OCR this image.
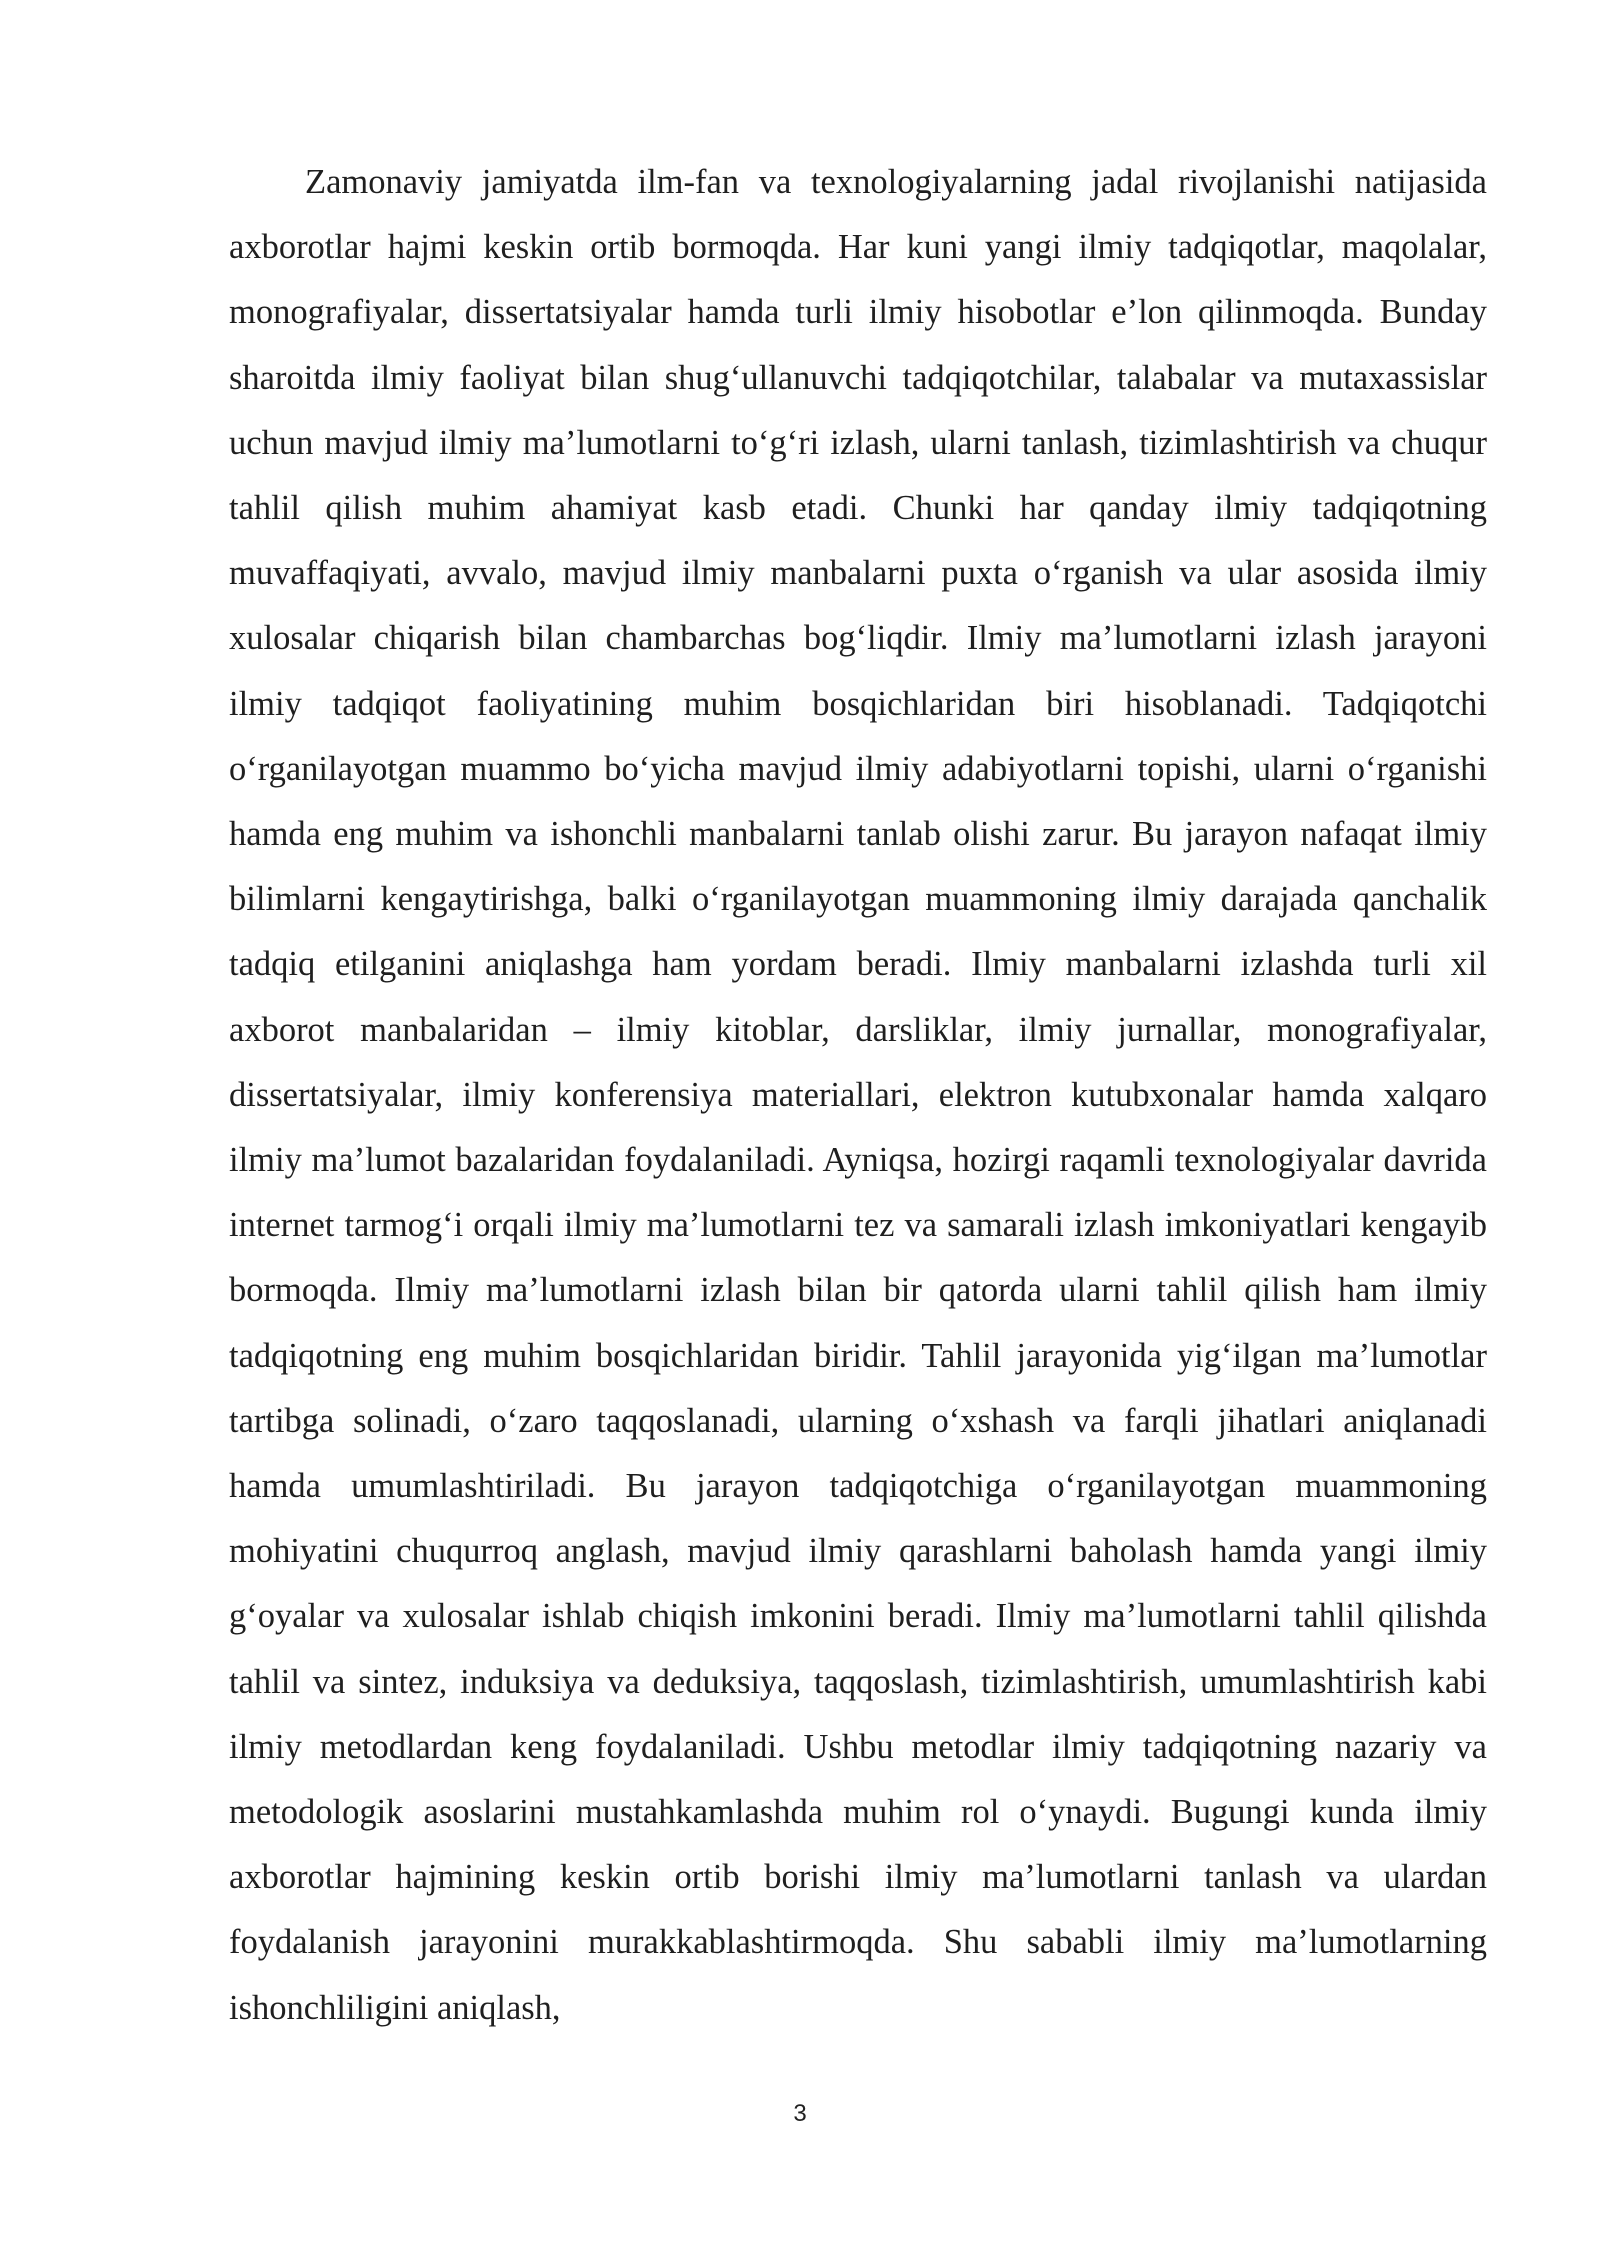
Zamonaviy jamiyatda ilm-fan va texnologiyalarning jadal rivojlanishi natijasida axborotlar hajmi keskin ortib bormoqda. Har kuni yangi ilmiy tadqiqotlar, maqolalar, monografiyalar, dissertatsiyalar hamda turli ilmiy hisobotlar e’lon qilinmoqda. Bunday sharoitda ilmiy faoliyat bilan shug‘ullanuvchi tadqiqotchilar, talabalar va mutaxassislar uchun mavjud ilmiy ma’lumotlarni to‘g‘ri izlash, ularni tanlash, tizimlashtirish va chuqur tahlil qilish muhim ahamiyat kasb etadi. Chunki har qanday ilmiy tadqiqotning muvaffaqiyati, avvalo, mavjud ilmiy manbalarni puxta o‘rganish va ular asosida ilmiy xulosalar chiqarish bilan chambarchas bog‘liqdir. Ilmiy ma’lumotlarni izlash jarayoni ilmiy tadqiqot faoliyatining muhim bosqichlaridan biri hisoblanadi. Tadqiqotchi o‘rganilayotgan muammo bo‘yicha mavjud ilmiy adabiyotlarni topishi, ularni o‘rganishi hamda eng muhim va ishonchli manbalarni tanlab olishi zarur. Bu jarayon nafaqat ilmiy bilimlarni kengaytirishga, balki o‘rganilayotgan muammoning ilmiy darajada qanchalik tadqiq etilganini aniqlashga ham yordam beradi. Ilmiy manbalarni izlashda turli xil axborot manbalaridan – ilmiy kitoblar, darsliklar, ilmiy jurnallar, monografiyalar, dissertatsiyalar, ilmiy konferensiya materiallari, elektron kutubxonalar hamda xalqaro ilmiy ma’lumot bazalaridan foydalaniladi. Ayniqsa, hozirgi raqamli texnologiyalar davrida internet tarmog‘i orqali ilmiy ma’lumotlarni tez va samarali izlash imkoniyatlari kengayib bormoqda. Ilmiy ma’lumotlarni izlash bilan bir qatorda ularni tahlil qilish ham ilmiy tadqiqotning eng muhim bosqichlaridan biridir. Tahlil jarayonida yig‘ilgan ma’lumotlar tartibga solinadi, o‘zaro taqqoslanadi, ularning o‘xshash va farqli jihatlari aniqlanadi hamda umumlashtiriladi. Bu jarayon tadqiqotchiga o‘rganilayotgan muammoning mohiyatini chuqurroq anglash, mavjud ilmiy qarashlarni baholash hamda yangi ilmiy g‘oyalar va xulosalar ishlab chiqish imkonini beradi. Ilmiy ma’lumotlarni tahlil qilishda tahlil va sintez, induksiya va deduksiya, taqqoslash, tizimlashtirish, umumlashtirish kabi ilmiy metodlardan keng foydalaniladi. Ushbu metodlar ilmiy tadqiqotning nazariy va metodologik asoslarini mustahkamlashda muhim rol o‘ynaydi. Bugungi kunda ilmiy axborotlar hajmining keskin ortib borishi ilmiy ma’lumotlarni tanlash va ulardan foydalanish jarayonini murakkablashtirmoqda. Shu sababli ilmiy ma’lumotlarning ishonchliligini aniqlash,

3
